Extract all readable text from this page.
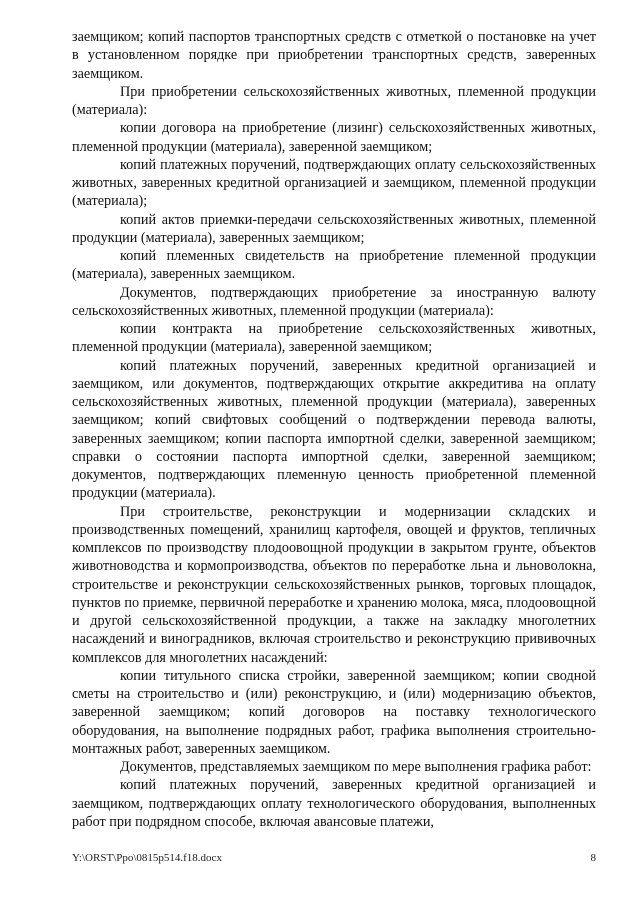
заемщиком; копий паспортов транспортных средств с отметкой о постановке на учет в установленном порядке при приобретении транспортных средств, заверенных заемщиком.

При приобретении сельскохозяйственных животных, племенной продукции (материала):

копии договора на приобретение (лизинг) сельскохозяйственных животных, племенной продукции (материала), заверенной заемщиком;

копий платежных поручений, подтверждающих оплату сельскохозяйственных животных, заверенных кредитной организацией и заемщиком, племенной продукции (материала);

копий актов приемки-передачи сельскохозяйственных животных, племенной продукции (материала), заверенных заемщиком;

копий племенных свидетельств на приобретение племенной продукции (материала), заверенных заемщиком.

Документов, подтверждающих приобретение за иностранную валюту сельскохозяйственных животных, племенной продукции (материала):

копии контракта на приобретение сельскохозяйственных животных, племенной продукции (материала), заверенной заемщиком;

копий платежных поручений, заверенных кредитной организацией и заемщиком, или документов, подтверждающих открытие аккредитива на оплату сельскохозяйственных животных, племенной продукции (материала), заверенных заемщиком; копий свифтовых сообщений о подтверждении перевода валюты, заверенных заемщиком; копии паспорта импортной сделки, заверенной заемщиком; справки о состоянии паспорта импортной сделки, заверенной заемщиком; документов, подтверждающих племенную ценность приобретенной племенной продукции (материала).

При строительстве, реконструкции и модернизации складских и производственных помещений, хранилищ картофеля, овощей и фруктов, тепличных комплексов по производству плодоовощной продукции в закрытом грунте, объектов животноводства и кормопроизводства, объектов по переработке льна и льноволокна, строительстве и реконструкции сельскохозяйственных рынков, торговых площадок, пунктов по приемке, первичной переработке и хранению молока, мяса, плодоовощной и другой сельскохозяйственной продукции, а также на закладку многолетних насаждений и виноградников, включая строительство и реконструкцию прививочных комплексов для многолетних насаждений:

копии титульного списка стройки, заверенной заемщиком; копии сводной сметы на строительство и (или) реконструкцию, и (или) модернизацию объектов, заверенной заемщиком; копий договоров на поставку технологического оборудования, на выполнение подрядных работ, графика выполнения строительно-монтажных работ, заверенных заемщиком.

Документов, представляемых заемщиком по мере выполнения графика работ:

копий платежных поручений, заверенных кредитной организацией и заемщиком, подтверждающих оплату технологического оборудования, выполненных работ при подрядном способе, включая авансовые платежи,

Y:\ORST\Ppo\0815p514.f18.docx	8
